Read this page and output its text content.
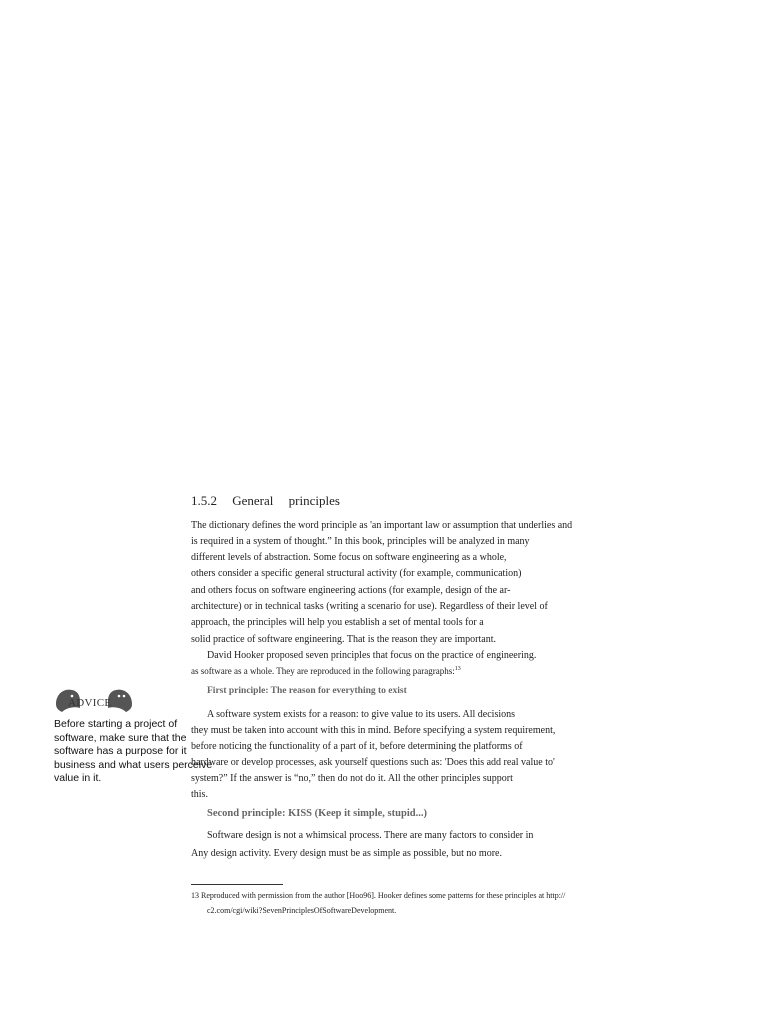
1.5.2 General principles
The dictionary defines the word principle as 'an important law or assumption that underlies and
is required in a system of thought.” In this book, principles will be analyzed in many
different levels of abstraction. Some focus on software engineering as a whole,
others consider a specific general structural activity (for example, communication)
and others focus on software engineering actions (for example, design of the ar-
architecture) or in technical tasks (writing a scenario for use). Regardless of their level of
approach, the principles will help you establish a set of mental tools for a
solid practice of software engineering. That is the reason they are important.
David Hooker proposed seven principles that focus on the practice of engineering.
as software as a whole. They are reproduced in the following paragraphs:$^{13}$
ADVICE
Before starting a project of
software, make sure that the
software has a purpose for it
business and what users perceive
value in it.
First principle: The reason for everything to exist
A software system exists for a reason: to give value to its users. All decisions
they must be taken into account with this in mind. Before specifying a system requirement,
before noticing the functionality of a part of it, before determining the platforms of
hardware or develop processes, ask yourself questions such as: 'Does this add real value to'
system?” If the answer is “no,” then do not do it. All the other principles support
this.
Second principle: KISS (Keep it simple, stupid...)
Software design is not a whimsical process. There are many factors to consider in
Any design activity. Every design must be as simple as possible, but no more.
13 Reproduced with permission from the author [Hoo96]. Hooker defines some patterns for these principles at http://
c2.com/cgi/wiki?SevenPrinciplesOfSoftwareDevelopment.
